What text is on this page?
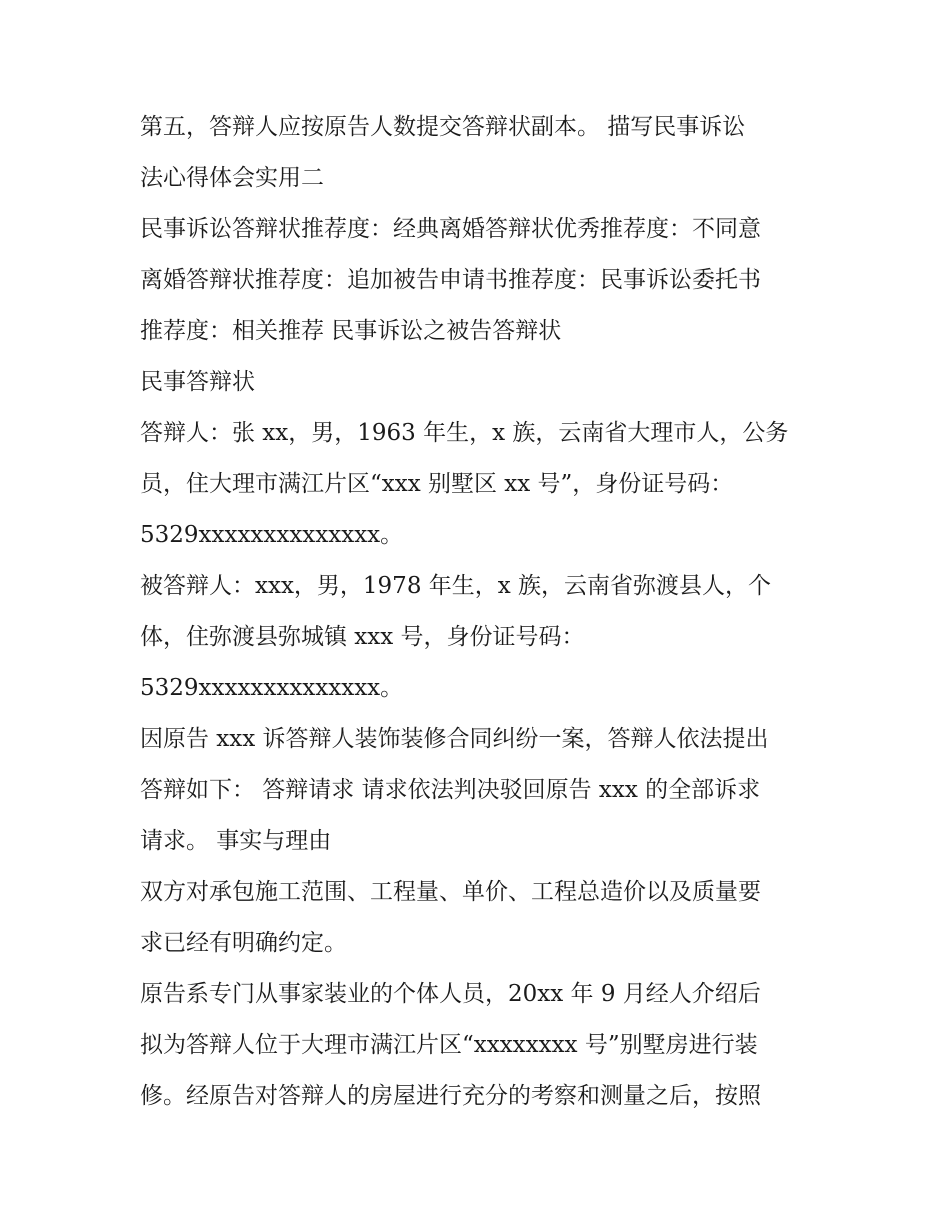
第五，答辩人应按原告人数提交答辩状副本。 描写民事诉讼
法心得体会实用二
民事诉讼答辩状推荐度：经典离婚答辩状优秀推荐度：不同意
离婚答辩状推荐度：追加被告申请书推荐度：民事诉讼委托书
推荐度：相关推荐 民事诉讼之被告答辩状
民事答辩状
答辩人：张 xx，男，1963 年生，x 族，云南省大理市人，公务
员，住大理市满江片区“xxx 别墅区 xx 号”，身份证号码：
5329xxxxxxxxxxxxxx。
被答辩人：xxx，男，1978 年生，x 族，云南省弥渡县人，个
体，住弥渡县弥城镇 xxx 号，身份证号码：
5329xxxxxxxxxxxxxx。
因原告 xxx 诉答辩人装饰装修合同纠纷一案，答辩人依法提出
答辩如下： 答辩请求 请求依法判决驳回原告 xxx 的全部诉求
请求。 事实与理由
双方对承包施工范围、工程量、单价、工程总造价以及质量要
求已经有明确约定。
原告系专门从事家装业的个体人员，20xx 年 9 月经人介绍后
拟为答辩人位于大理市满江片区“xxxxxxxx 号”别墅房进行装
修。经原告对答辩人的房屋进行充分的考察和测量之后，按照
